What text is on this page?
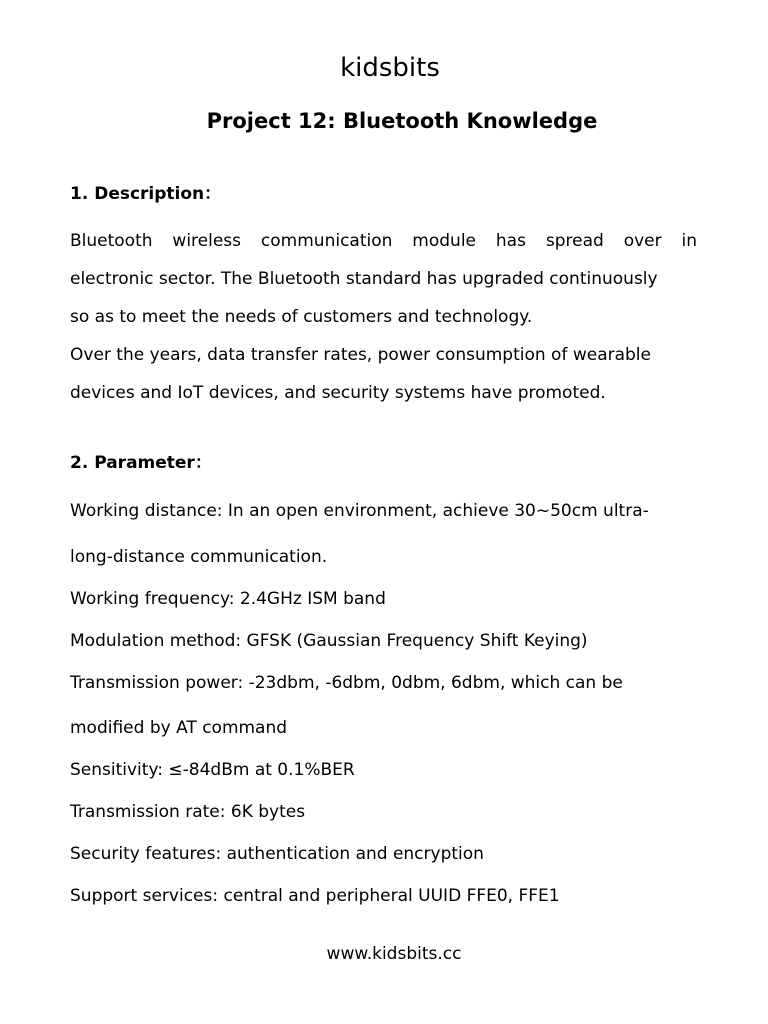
kidsbits
Project 12: Bluetooth Knowledge
1. Description：
Bluetooth wireless communication module has spread over in
electronic sector. The Bluetooth standard has upgraded continuously
so as to meet the needs of customers and technology.
Over the years, data transfer rates, power consumption of wearable
devices and IoT devices, and security systems have promoted.
2. Parameter：
Working distance: In an open environment, achieve 30~50cm ultra-
long-distance communication.
Working frequency: 2.4GHz ISM band
Modulation method: GFSK (Gaussian Frequency Shift Keying)
Transmission power: -23dbm, -6dbm, 0dbm, 6dbm, which can be
modified by AT command
Sensitivity: ≤-84dBm at 0.1%BER
Transmission rate: 6K bytes
Security features: authentication and encryption
Support services: central and peripheral UUID FFE0, FFE1
www.kidsbits.cc
